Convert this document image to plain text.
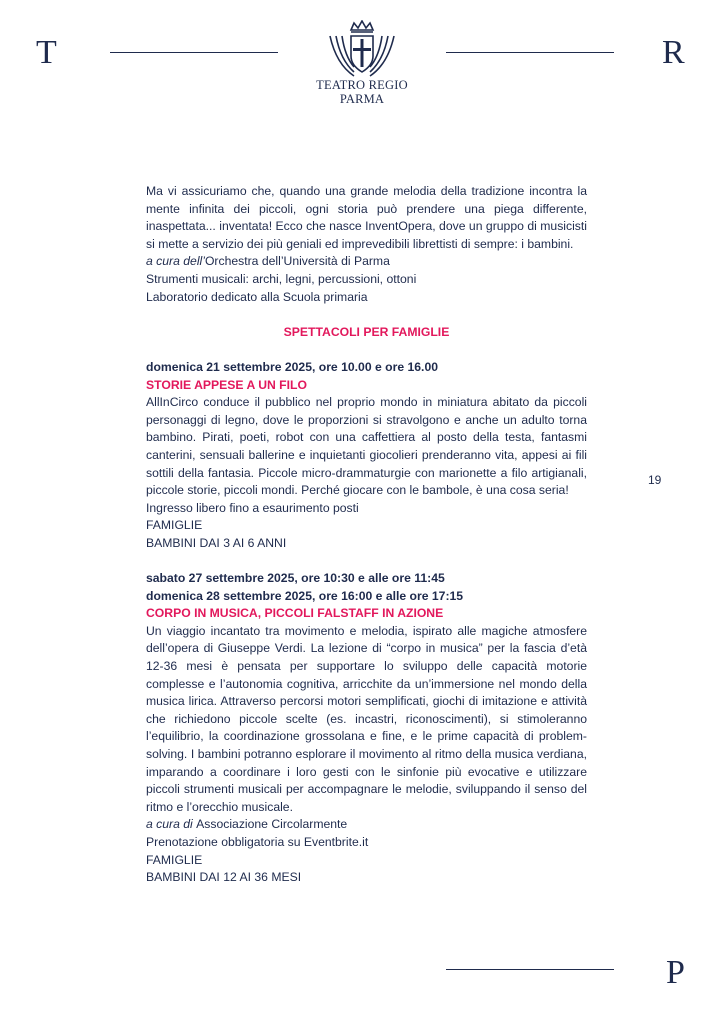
T
TEATRO REGIO
PARMA
R

Ma vi assicuriamo che, quando una grande melodia della tradizione incontra la mente infinita dei piccoli, ogni storia può prendere una piega differente, inaspettata... inventata! Ecco che nasce InventOpera, dove un gruppo di musicisti si mette a servizio dei più geniali ed imprevedibili librettisti di sempre: i bambini.

a cura dell’Orchestra dell’Università di Parma

Strumenti musicali: archi, legni, percussioni, ottoni

Laboratorio dedicato alla Scuola primaria

SPETTACOLI PER FAMIGLIE

domenica 21 settembre 2025, ore 10.00 e ore 16.00

STORIE APPESE A UN FILO

AllInCirco conduce il pubblico nel proprio mondo in miniatura abitato da piccoli personaggi di legno, dove le proporzioni si stravolgono e anche un adulto torna bambino. Pirati, poeti, robot con una caffettiera al posto della testa, fantasmi canterini, sensuali ballerine e inquietanti giocolieri prenderanno vita, appesi ai fili sottili della fantasia. Piccole micro-drammaturgie con marionette a filo artigianali, piccole storie, piccoli mondi. Perché giocare con le bambole, è una cosa seria!

Ingresso libero fino a esaurimento posti

FAMIGLIE

BAMBINI DAI 3 AI 6 ANNI

sabato 27 settembre 2025, ore 10:30 e alle ore 11:45

domenica 28 settembre 2025, ore 16:00 e alle ore 17:15

CORPO IN MUSICA, PICCOLI FALSTAFF IN AZIONE

Un viaggio incantato tra movimento e melodia, ispirato alle magiche atmosfere dell’opera di Giuseppe Verdi. La lezione di “corpo in musica” per la fascia d’età 12-36 mesi è pensata per supportare lo sviluppo delle capacità motorie complesse e l’autonomia cognitiva, arricchite da un’immersione nel mondo della musica lirica. Attraverso percorsi motori semplificati, giochi di imitazione e attività che richiedono piccole scelte (es. incastri, riconoscimenti), si stimoleranno l’equilibrio, la coordinazione grossolana e fine, e le prime capacità di problem-solving. I bambini potranno esplorare il movimento al ritmo della musica verdiana, imparando a coordinare i loro gesti con le sinfonie più evocative e utilizzare piccoli strumenti musicali per accompagnare le melodie, sviluppando il senso del ritmo e l’orecchio musicale.

a cura di Associazione Circolarmente

Prenotazione obbligatoria su Eventbrite.it

FAMIGLIE

BAMBINI DAI 12 AI 36 MESI

19
P
